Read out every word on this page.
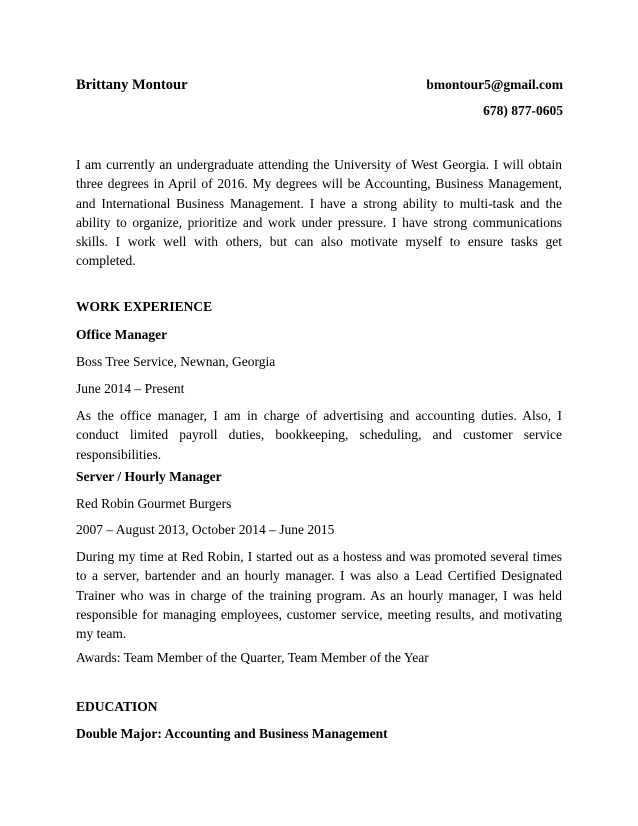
Brittany Montour	bmontour5@gmail.com
678) 877-0605

I am currently an undergraduate attending the University of West Georgia. I will obtain three degrees in April of 2016. My degrees will be Accounting, Business Management, and International Business Management. I have a strong ability to multi-task and the ability to organize, prioritize and work under pressure. I have strong communications skills. I work well with others, but can also motivate myself to ensure tasks get completed.

WORK EXPERIENCE
Office Manager
Boss Tree Service, Newnan, Georgia
June 2014 – Present
As the office manager, I am in charge of advertising and accounting duties. Also, I conduct limited payroll duties, bookkeeping, scheduling, and customer service responsibilities.
Server / Hourly Manager
Red Robin Gourmet Burgers
2007 – August 2013, October 2014 – June 2015
During my time at Red Robin, I started out as a hostess and was promoted several times to a server, bartender and an hourly manager. I was also a Lead Certified Designated Trainer who was in charge of the training program. As an hourly manager, I was held responsible for managing employees, customer service, meeting results, and motivating my team.
Awards: Team Member of the Quarter, Team Member of the Year
EDUCATION
Double Major: Accounting and Business Management
